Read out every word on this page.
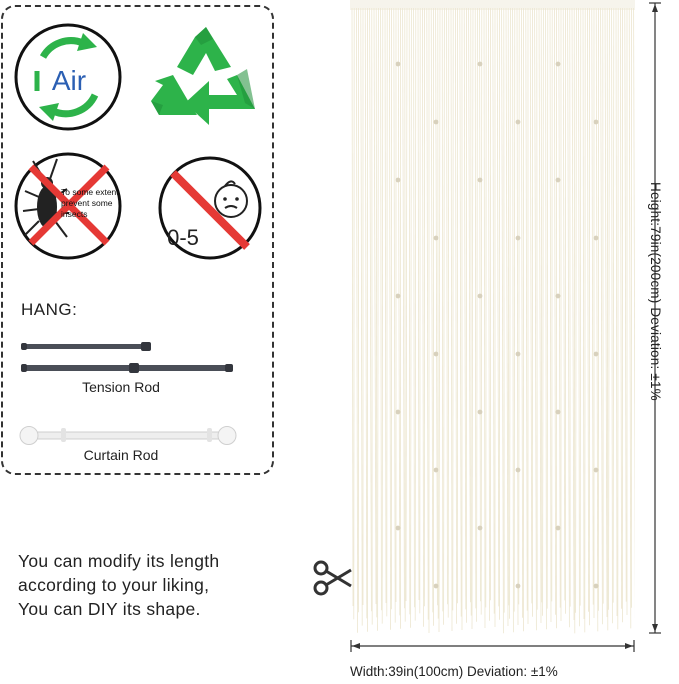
Air
To some extent prevent some insects
0-5
HANG:
Tension Rod
Curtain Rod
You can modify its length
according to your liking,
You can DIY its shape.
Height:79in(200cm) Deviation: ±1%
Width:39in(100cm) Deviation: ±1%
